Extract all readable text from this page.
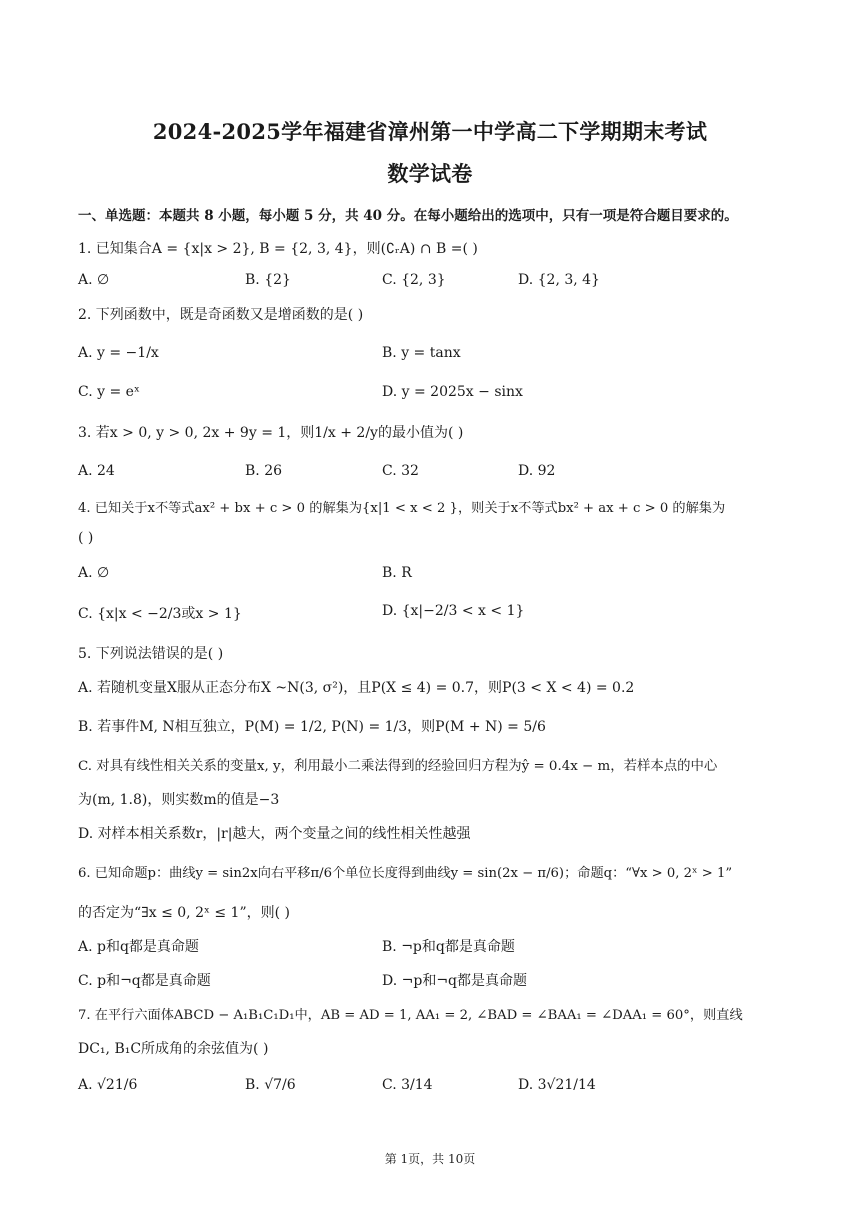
2024-2025学年福建省漳州第一中学高二下学期期末考试
数学试卷
一、单选题：本题共 8 小题，每小题 5 分，共 40 分。在每小题给出的选项中，只有一项是符合题目要求的。
1. 已知集合A = {x|x > 2}, B = {2, 3, 4}，则(∁ᵣA) ∩ B =( )
A. ∅	B. {2}	C. {2, 3}	D. {2, 3, 4}
2. 下列函数中，既是奇函数又是增函数的是( )
A. y = −1/x	B. y = tanx
C. y = eˣ	D. y = 2025x − sinx
3. 若x > 0, y > 0, 2x + 9y = 1，则1/x + 2/y的最小值为( )
A. 24	B. 26	C. 32	D. 92
4. 已知关于x不等式ax² + bx + c > 0 的解集为{x|1 < x < 2 }，则关于x不等式bx² + ax + c > 0 的解集为
( )
A. ∅	B. R
C. {x|x < −2/3或x > 1}	D. {x|−2/3 < x < 1}
5. 下列说法错误的是( )
A. 若随机变量X服从正态分布X ~N(3, σ²)，且P(X ≤ 4) = 0.7，则P(3 < X < 4) = 0.2
B. 若事件M, N相互独立，P(M) = 1/2, P(N) = 1/3，则P(M + N) = 5/6
C. 对具有线性相关关系的变量x, y，利用最小二乘法得到的经验回归方程为ŷ = 0.4x − m，若样本点的中心
为(m, 1.8)，则实数m的值是−3
D. 对样本相关系数r，|r|越大，两个变量之间的线性相关性越强
6. 已知命题p：曲线y = sin2x向右平移π/6个单位长度得到曲线y = sin(2x − π/6)；命题q：“∀x > 0, 2ˣ > 1”
的否定为“∃x ≤ 0, 2ˣ ≤ 1”，则( )
A. p和q都是真命题	B. ¬p和q都是真命题
C. p和¬q都是真命题	D. ¬p和¬q都是真命题
7. 在平行六面体ABCD − A₁B₁C₁D₁中，AB = AD = 1, AA₁ = 2, ∠BAD = ∠BAA₁ = ∠DAA₁ = 60°，则直线
DC₁, B₁C所成角的余弦值为( )
A. √21/6	B. √7/6	C. 3/14	D. 3√21/14
第 1页，共 10页
